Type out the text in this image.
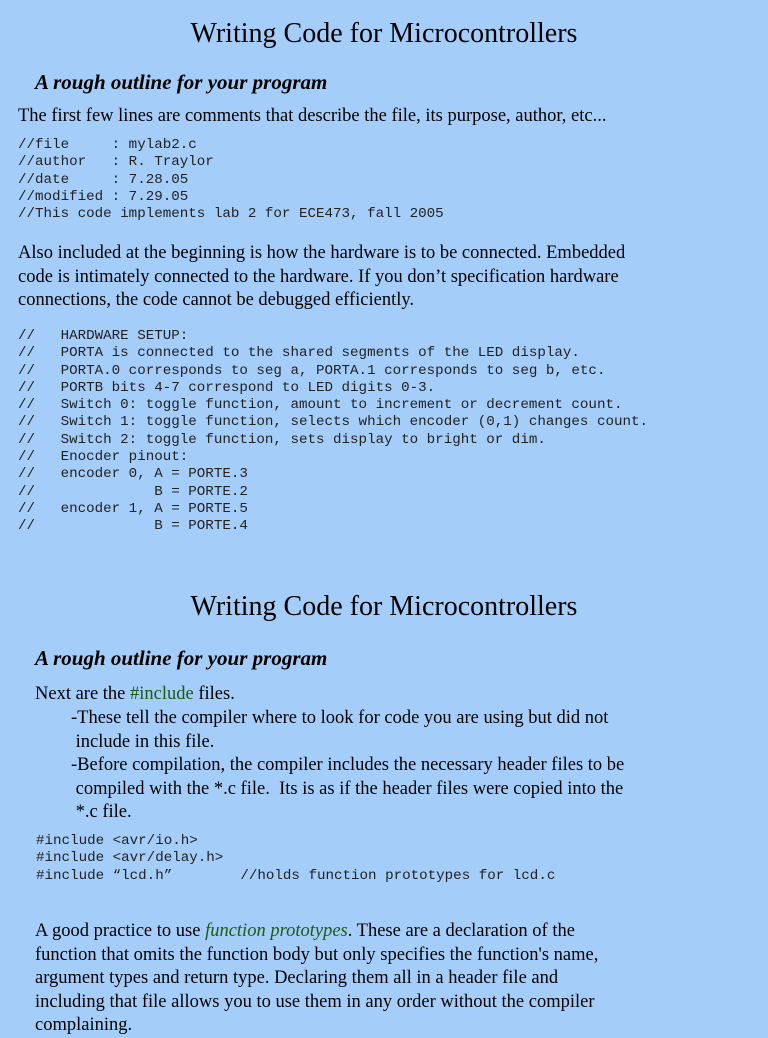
Writing Code for Microcontrollers
A rough outline for your program
The first few lines are comments that describe the file, its purpose, author, etc...
//file     : mylab2.c
//author   : R. Traylor
//date     : 7.28.05
//modified : 7.29.05
//This code implements lab 2 for ECE473, fall 2005
Also included at the beginning is how the hardware is to be connected. Embedded
code is intimately connected to the hardware. If you don’t specification hardware
connections, the code cannot be debugged efficiently.
//   HARDWARE SETUP:
//   PORTA is connected to the shared segments of the LED display.
//   PORTA.0 corresponds to seg a, PORTA.1 corresponds to seg b, etc.
//   PORTB bits 4-7 correspond to LED digits 0-3.
//   Switch 0: toggle function, amount to increment or decrement count.
//   Switch 1: toggle function, selects which encoder (0,1) changes count.
//   Switch 2: toggle function, sets display to bright or dim.
//   Enocder pinout:
//   encoder 0, A = PORTE.3
//              B = PORTE.2
//   encoder 1, A = PORTE.5
//              B = PORTE.4
Writing Code for Microcontrollers
A rough outline for your program
Next are the #include files.
-These tell the compiler where to look for code you are using but did not
include in this file.
-Before compilation, the compiler includes the necessary header files to be
compiled with the *.c file.  Its is as if the header files were copied into the
*.c file.
#include <avr/io.h>
#include <avr/delay.h>
#include “lcd.h”        //holds function prototypes for lcd.c
A good practice to use function prototypes. These are a declaration of the
function that omits the function body but only specifies the function's name,
argument types and return type. Declaring them all in a header file and
including that file allows you to use them in any order without the compiler
complaining.
